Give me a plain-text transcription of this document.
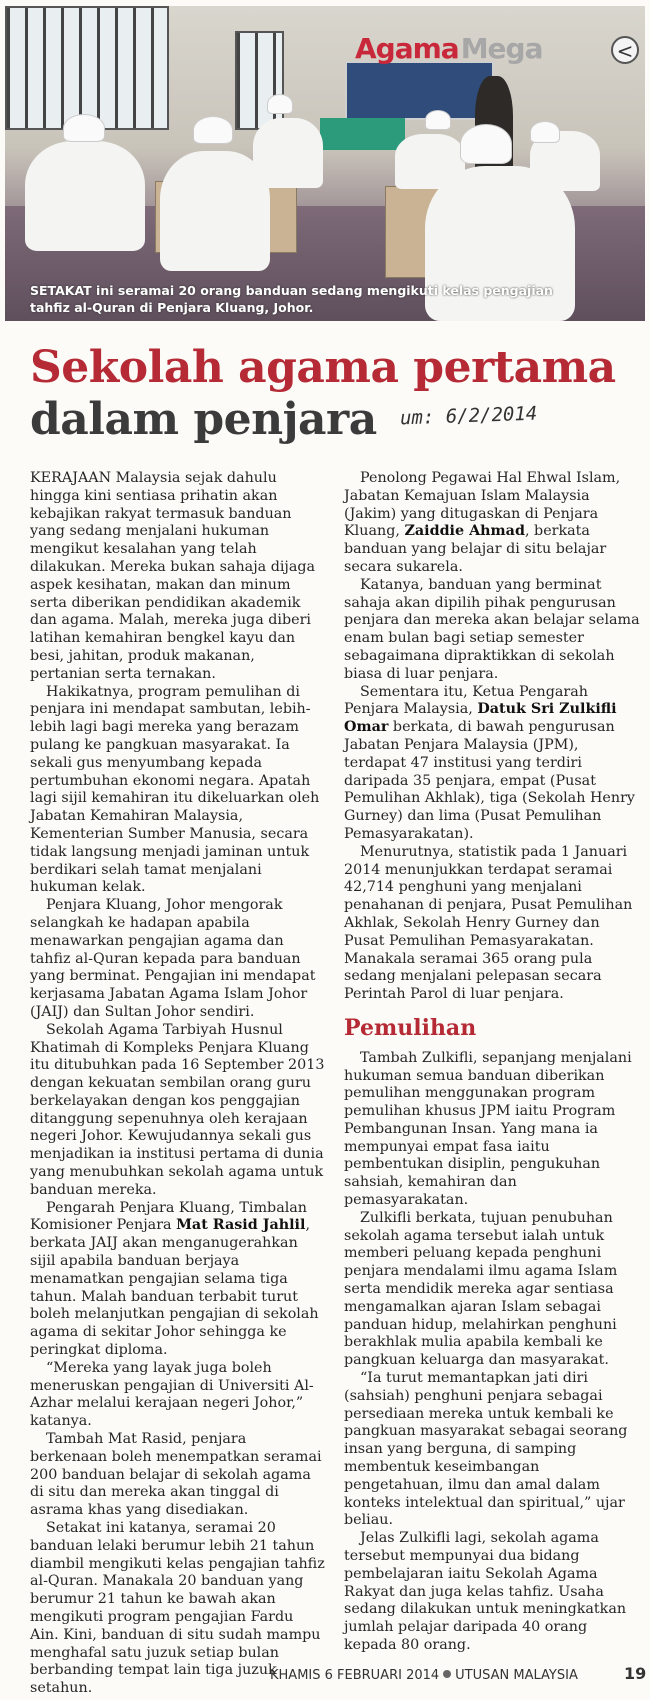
AgamaMega	<
SETAKAT ini seramai 20 orang banduan sedang mengikuti kelas pengajian tahfiz al-Quran di Penjara Kluang, Johor.
Sekolah agama pertama
dalam penjara um: 6/2/2014

KERAJAAN Malaysia sejak dahulu hingga kini sentiasa prihatin akan kebajikan rakyat termasuk banduan yang sedang menjalani hukuman mengikut kesalahan yang telah dilakukan. Mereka bukan sahaja dijaga aspek kesihatan, makan dan minum serta diberikan pendidikan akademik dan agama. Malah, mereka juga diberi latihan kemahiran bengkel kayu dan besi, jahitan, produk makanan, pertanian serta ternakan.

Hakikatnya, program pemulihan di penjara ini mendapat sambutan, lebih-lebih lagi bagi mereka yang berazam pulang ke pangkuan masyarakat. Ia sekali gus menyumbang kepada pertumbuhan ekonomi negara. Apatah lagi sijil kemahiran itu dikeluarkan oleh Jabatan Kemahiran Malaysia, Kementerian Sumber Manusia, secara tidak langsung menjadi jaminan untuk berdikari selah tamat menjalani hukuman kelak.

Penjara Kluang, Johor mengorak selangkah ke hadapan apabila menawarkan pengajian agama dan tahfiz al-Quran kepada para banduan yang berminat. Pengajian ini mendapat kerjasama Jabatan Agama Islam Johor (JAIJ) dan Sultan Johor sendiri.

Sekolah Agama Tarbiyah Husnul Khatimah di Kompleks Penjara Kluang itu ditubuhkan pada 16 September 2013 dengan kekuatan sembilan orang guru berkelayakan dengan kos penggajian ditanggung sepenuhnya oleh kerajaan negeri Johor. Kewujudannya sekali gus menjadikan ia institusi pertama di dunia yang menubuhkan sekolah agama untuk banduan mereka.

Pengarah Penjara Kluang, Timbalan Komisioner Penjara Mat Rasid Jahlil, berkata JAIJ akan menganugerahkan sijil apabila banduan berjaya menamatkan pengajian selama tiga tahun. Malah banduan terbabit turut boleh melanjutkan pengajian di sekolah agama di sekitar Johor sehingga ke peringkat diploma.

“Mereka yang layak juga boleh meneruskan pengajian di Universiti Al-Azhar melalui kerajaan negeri Johor,” katanya.

Tambah Mat Rasid, penjara berkenaan boleh menempatkan seramai 200 banduan belajar di sekolah agama di situ dan mereka akan tinggal di asrama khas yang disediakan.

Setakat ini katanya, seramai 20 banduan lelaki berumur lebih 21 tahun diambil mengikuti kelas pengajian tahfiz al-Quran. Manakala 20 banduan yang berumur 21 tahun ke bawah akan mengikuti program pengajian Fardu Ain. Kini, banduan di situ sudah mampu menghafal satu juzuk setiap bulan berbanding tempat lain tiga juzuk setahun.

Penolong Pegawai Hal Ehwal Islam, Jabatan Kemajuan Islam Malaysia (Jakim) yang ditugaskan di Penjara Kluang, Zaiddie Ahmad, berkata banduan yang belajar di situ belajar secara sukarela.

Katanya, banduan yang berminat sahaja akan dipilih pihak pengurusan penjara dan mereka akan belajar selama enam bulan bagi setiap semester sebagaimana dipraktikkan di sekolah biasa di luar penjara.

Sementara itu, Ketua Pengarah Penjara Malaysia, Datuk Sri Zulkifli Omar berkata, di bawah pengurusan Jabatan Penjara Malaysia (JPM), terdapat 47 institusi yang terdiri daripada 35 penjara, empat (Pusat Pemulihan Akhlak), tiga (Sekolah Henry Gurney) dan lima (Pusat Pemulihan Pemasyarakatan).

Menurutnya, statistik pada 1 Januari 2014 menunjukkan terdapat seramai 42,714 penghuni yang menjalani penahanan di penjara, Pusat Pemulihan Akhlak, Sekolah Henry Gurney dan Pusat Pemulihan Pemasyarakatan. Manakala seramai 365 orang pula sedang menjalani pelepasan secara Perintah Parol di luar penjara.

Pemulihan

Tambah Zulkifli, sepanjang menjalani hukuman semua banduan diberikan pemulihan menggunakan program pemulihan khusus JPM iaitu Program Pembangunan Insan. Yang mana ia mempunyai empat fasa iaitu pembentukan disiplin, pengukuhan sahsiah, kemahiran dan pemasyarakatan.

Zulkifli berkata, tujuan penubuhan sekolah agama tersebut ialah untuk memberi peluang kepada penghuni penjara mendalami ilmu agama Islam serta mendidik mereka agar sentiasa mengamalkan ajaran Islam sebagai panduan hidup, melahirkan penghuni berakhlak mulia apabila kembali ke pangkuan keluarga dan masyarakat.

“Ia turut memantapkan jati diri (sahsiah) penghuni penjara sebagai persediaan mereka untuk kembali ke pangkuan masyarakat sebagai seorang insan yang berguna, di samping membentuk keseimbangan pengetahuan, ilmu dan amal dalam konteks intelektual dan spiritual,” ujar beliau.

Jelas Zulkifli lagi, sekolah agama tersebut mempunyai dua bidang pembelajaran iaitu Sekolah Agama Rakyat dan juga kelas tahfiz. Usaha sedang dilakukan untuk meningkatkan jumlah pelajar daripada 40 orang kepada 80 orang.

KHAMIS 6 FEBRUARI 2014 UTUSAN MALAYSIA	19
